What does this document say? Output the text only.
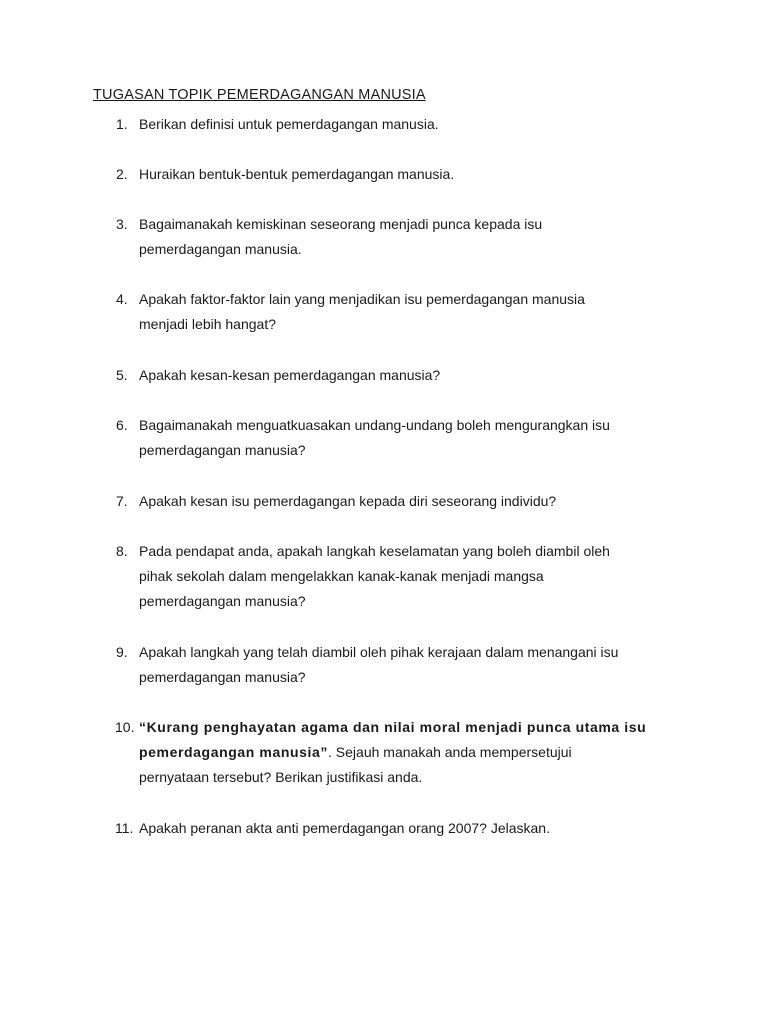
TUGASAN TOPIK PEMERDAGANGAN MANUSIA
1. Berikan definisi untuk pemerdagangan manusia.
2. Huraikan bentuk-bentuk pemerdagangan manusia.
3. Bagaimanakah kemiskinan seseorang menjadi punca kepada isu
pemerdagangan manusia.
4. Apakah faktor-faktor lain yang menjadikan isu pemerdagangan manusia
menjadi lebih hangat?
5. Apakah kesan-kesan pemerdagangan manusia?
6. Bagaimanakah menguatkuasakan undang-undang boleh mengurangkan isu
pemerdagangan manusia?
7. Apakah kesan isu pemerdagangan kepada diri seseorang individu?
8. Pada pendapat anda, apakah langkah keselamatan yang boleh diambil oleh
pihak sekolah dalam mengelakkan kanak-kanak menjadi mangsa
pemerdagangan manusia?
9. Apakah langkah yang telah diambil oleh pihak kerajaan dalam menangani isu
pemerdagangan manusia?
10. “Kurang penghayatan agama dan nilai moral menjadi punca utama isu
pemerdagangan manusia”. Sejauh manakah anda mempersetujui
pernyataan tersebut? Berikan justifikasi anda.
11. Apakah peranan akta anti pemerdagangan orang 2007? Jelaskan.
